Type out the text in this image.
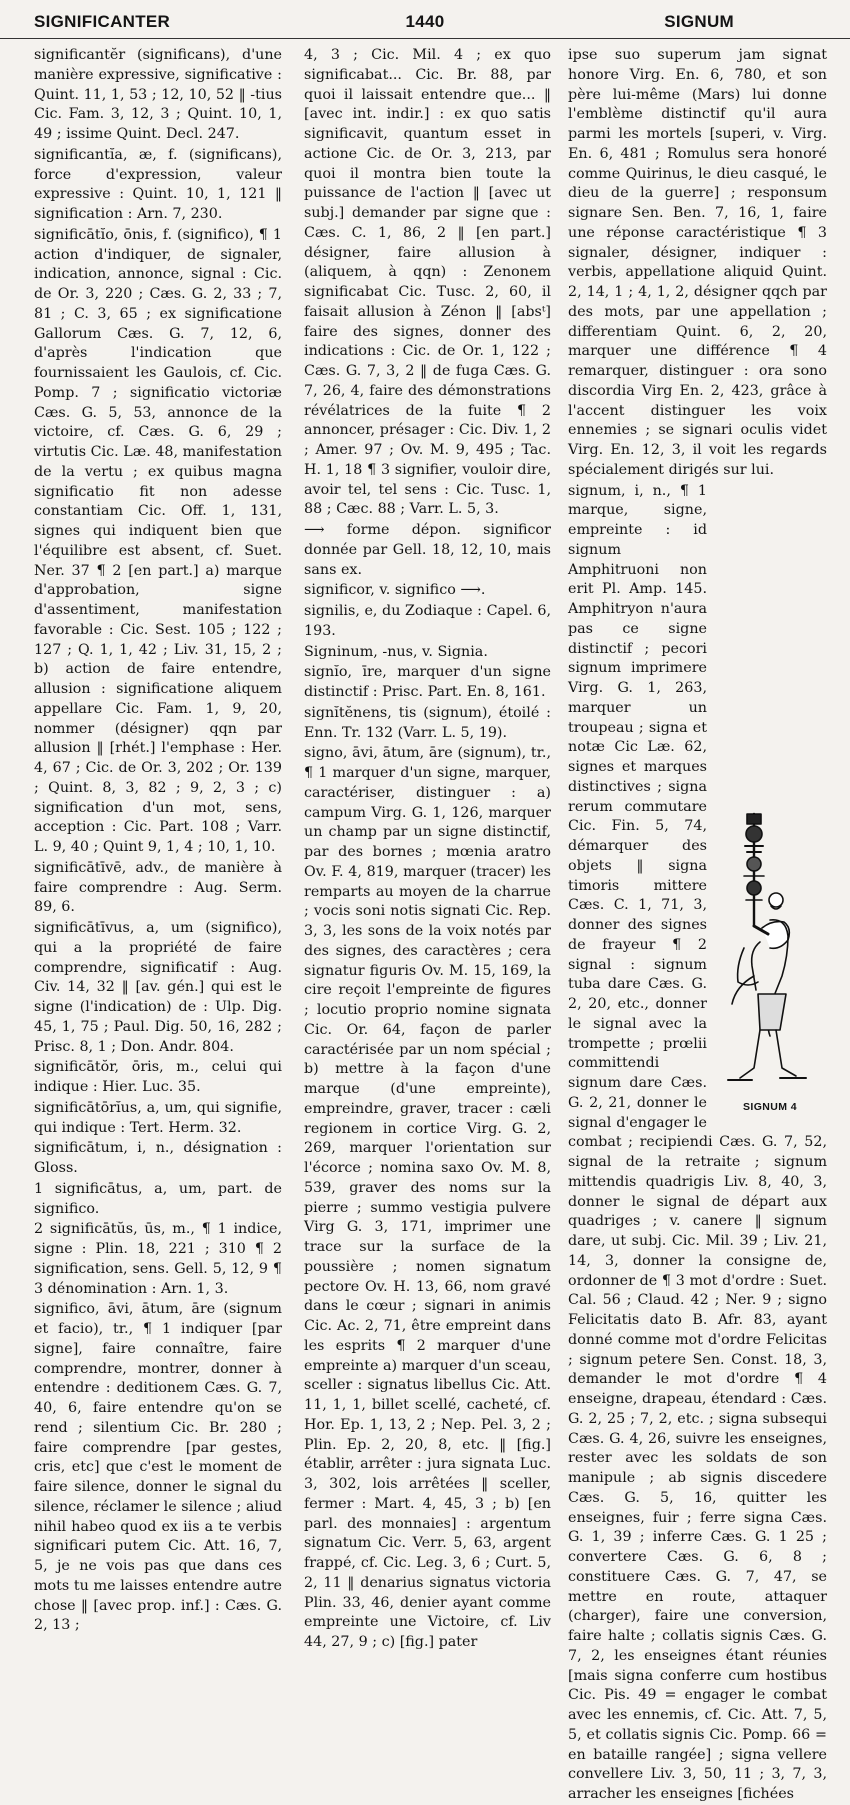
SIGNIFICANTER	1440	SIGNUM

significantĕr (significans), d'une manière expressive, significative : Quint. 11, 1, 53 ; 12, 10, 52 ‖ -tius Cic. Fam. 3, 12, 3 ; Quint. 10, 1, 49 ; issime Quint. Decl. 247.

significantĭa, æ, f. (significans), force d'expression, valeur expressive : Quint. 10, 1, 121 ‖ signification : Arn. 7, 230.

significātĭo, ōnis, f. (significo), ¶ 1 action d'indiquer, de signaler, indication, annonce, signal : Cic. de Or. 3, 220 ; Cæs. G. 2, 33 ; 7, 81 ; C. 3, 65 ; ex significatione Gallorum Cæs. G. 7, 12, 6, d'après l'indication que fournissaient les Gaulois, cf. Cic. Pomp. 7 ; significatio victoriæ Cæs. G. 5, 53, annonce de la victoire, cf. Cæs. G. 6, 29 ; virtutis Cic. Læ. 48, manifestation de la vertu ; ex quibus magna significatio fit non adesse constantiam Cic. Off. 1, 131, signes qui indiquent bien que l'équilibre est absent, cf. Suet. Ner. 37 ¶ 2 [en part.] a) marque d'approbation, signe d'assentiment, manifestation favorable : Cic. Sest. 105 ; 122 ; 127 ; Q. 1, 1, 42 ; Liv. 31, 15, 2 ; b) action de faire entendre, allusion : significatione aliquem appellare Cic. Fam. 1, 9, 20, nommer (désigner) qqn par allusion ‖ [rhét.] l'emphase : Her. 4, 67 ; Cic. de Or. 3, 202 ; Or. 139 ; Quint. 8, 3, 82 ; 9, 2, 3 ; c) signification d'un mot, sens, acception : Cic. Part. 108 ; Varr. L. 9, 40 ; Quint 9, 1, 4 ; 10, 1, 10.

significātīvē, adv., de manière à faire comprendre : Aug. Serm. 89, 6.

significātīvus, a, um (significo), qui a la propriété de faire comprendre, significatif : Aug. Civ. 14, 32 ‖ [av. gén.] qui est le signe (l'indication) de : Ulp. Dig. 45, 1, 75 ; Paul. Dig. 50, 16, 282 ; Prisc. 8, 1 ; Don. Andr. 804.

significātŏr, ōris, m., celui qui indique : Hier. Luc. 35.

significātōrĭus, a, um, qui signifie, qui indique : Tert. Herm. 32.

significātum, i, n., désignation : Gloss.

1 significātus, a, um, part. de significo.

2 significātŭs, ūs, m., ¶ 1 indice, signe : Plin. 18, 221 ; 310 ¶ 2 signification, sens. Gell. 5, 12, 9 ¶ 3 dénomination : Arn. 1, 3.

significo, āvi, ātum, āre (signum et facio), tr., ¶ 1 indiquer [par signe], faire connaître, faire comprendre, montrer, donner à entendre : deditionem Cæs. G. 7, 40, 6, faire entendre qu'on se rend ; silentium Cic. Br. 280 ; faire comprendre [par gestes, cris, etc] que c'est le moment de faire silence, donner le signal du silence, réclamer le silence ; aliud nihil habeo quod ex iis a te verbis significari putem Cic. Att. 16, 7, 5, je ne vois pas que dans ces mots tu me laisses entendre autre chose ‖ [avec prop. inf.] : Cæs. G. 2, 13 ;

4, 3 ; Cic. Mil. 4 ; ex quo significabat... Cic. Br. 88, par quoi il laissait entendre que... ‖ [avec int. indir.] : ex quo satis significavit, quantum esset in actione Cic. de Or. 3, 213, par quoi il montra bien toute la puissance de l'action ‖ [avec ut subj.] demander par signe que : Cæs. C. 1, 86, 2 ‖ [en part.] désigner, faire allusion à (aliquem, à qqn) : Zenonem significabat Cic. Tusc. 2, 60, il faisait allusion à Zénon ‖ [absᵗ] faire des signes, donner des indications : Cic. de Or. 1, 122 ; Cæs. G. 7, 3, 2 ‖ de fuga Cæs. G. 7, 26, 4, faire des démonstrations révélatrices de la fuite ¶ 2 annoncer, présager : Cic. Div. 1, 2 ; Amer. 97 ; Ov. M. 9, 495 ; Tac. H. 1, 18 ¶ 3 signifier, vouloir dire, avoir tel, tel sens : Cic. Tusc. 1, 88 ; Cæc. 88 ; Varr. L. 5, 3.

⟶ forme dépon. significor donnée par Gell. 18, 12, 10, mais sans ex.

significor, v. significo ⟶.

signilis, e, du Zodiaque : Capel. 6, 193.

Signinum, -nus, v. Signia.

signĭo, īre, marquer d'un signe distinctif : Prisc. Part. En. 8, 161.

signĭtĕnens, tis (signum), étoilé : Enn. Tr. 132 (Varr. L. 5, 19).

signo, āvi, ātum, āre (signum), tr., ¶ 1 marquer d'un signe, marquer, caractériser, distinguer : a) campum Virg. G. 1, 126, marquer un champ par un signe distinctif, par des bornes ; mœnia aratro Ov. F. 4, 819, marquer (tracer) les remparts au moyen de la charrue ; vocis soni notis signati Cic. Rep. 3, 3, les sons de la voix notés par des signes, des caractères ; cera signatur figuris Ov. M. 15, 169, la cire reçoit l'empreinte de figures ; locutio proprio nomine signata Cic. Or. 64, façon de parler caractérisée par un nom spécial ; b) mettre à la façon d'une marque (d'une empreinte), empreindre, graver, tracer : cæli regionem in cortice Virg. G. 2, 269, marquer l'orientation sur l'écorce ; nomina saxo Ov. M. 8, 539, graver des noms sur la pierre ; summo vestigia pulvere Virg G. 3, 171, imprimer une trace sur la surface de la poussière ; nomen signatum pectore Ov. H. 13, 66, nom gravé dans le cœur ; signari in animis Cic. Ac. 2, 71, être empreint dans les esprits ¶ 2 marquer d'une empreinte a) marquer d'un sceau, sceller : signatus libellus Cic. Att. 11, 1, 1, billet scellé, cacheté, cf. Hor. Ep. 1, 13, 2 ; Nep. Pel. 3, 2 ; Plin. Ep. 2, 20, 8, etc. ‖ [fig.] établir, arrêter : jura signata Luc. 3, 302, lois arrêtées ‖ sceller, fermer : Mart. 4, 45, 3 ; b) [en parl. des monnaies] : argentum signatum Cic. Verr. 5, 63, argent frappé, cf. Cic. Leg. 3, 6 ; Curt. 5, 2, 11 ‖ denarius signatus victoria Plin. 33, 46, denier ayant comme empreinte une Victoire, cf. Liv 44, 27, 9 ; c) [fig.] pater

ipse suo superum jam signat honore Virg. En. 6, 780, et son père lui-même (Mars) lui donne l'emblème distinctif qu'il aura parmi les mortels [superi, v. Virg. En. 6, 481 ; Romulus sera honoré comme Quirinus, le dieu casqué, le dieu de la guerre] ; responsum signare Sen. Ben. 7, 16, 1, faire une réponse caractéristique ¶ 3 signaler, désigner, indiquer : verbis, appellatione aliquid Quint. 2, 14, 1 ; 4, 1, 2, désigner qqch par des mots, par une appellation ; differentiam Quint. 6, 2, 20, marquer une différence ¶ 4 remarquer, distinguer : ora sono discordia Virg En. 2, 423, grâce à l'accent distinguer les voix ennemies ; se signari oculis videt Virg. En. 12, 3, il voit les regards spécialement dirigés sur lui.

SIGNUM 4

signum, i, n., ¶ 1 marque, signe, empreinte : id signum Amphitruoni non erit Pl. Amp. 145. Amphitryon n'aura pas ce signe distinctif ; pecori signum imprimere Virg. G. 1, 263, marquer un troupeau ; signa et notæ Cic Læ. 62, signes et marques distinctives ; signa rerum commutare Cic. Fin. 5, 74, démarquer des objets ‖ signa timoris mittere Cæs. C. 1, 71, 3, donner des signes de frayeur ¶ 2 signal : signum tuba dare Cæs. G. 2, 20, etc., donner le signal avec la trompette ; prœlii committendi signum dare Cæs. G. 2, 21, donner le signal d'engager le combat ; recipiendi Cæs. G. 7, 52, signal de la retraite ; signum mittendis quadrigis Liv. 8, 40, 3, donner le signal de départ aux quadriges ; v. canere ‖ signum dare, ut subj. Cic. Mil. 39 ; Liv. 21, 14, 3, donner la consigne de, ordonner de ¶ 3 mot d'ordre : Suet. Cal. 56 ; Claud. 42 ; Ner. 9 ; signo Felicitatis dato B. Afr. 83, ayant donné comme mot d'ordre Felicitas ; signum petere Sen. Const. 18, 3, demander le mot d'ordre ¶ 4 enseigne, drapeau, étendard : Cæs. G. 2, 25 ; 7, 2, etc. ; signa subsequi Cæs. G. 4, 26, suivre les enseignes, rester avec les soldats de son manipule ; ab signis discedere Cæs. G. 5, 16, quitter les enseignes, fuir ; ferre signa Cæs. G. 1, 39 ; inferre Cæs. G. 1 25 ; convertere Cæs. G. 6, 8 ; constituere Cæs. G. 7, 47, se mettre en route, attaquer (charger), faire une conversion, faire halte ; collatis signis Cæs. G. 7, 2, les enseignes étant réunies [mais signa conferre cum hostibus Cic. Pis. 49 = engager le combat avec les ennemis, cf. Cic. Att. 7, 5, 5, et collatis signis Cic. Pomp. 66 = en bataille rangée] ; signa vellere convellere Liv. 3, 50, 11 ; 3, 7, 3, arracher les enseignes [fichées
